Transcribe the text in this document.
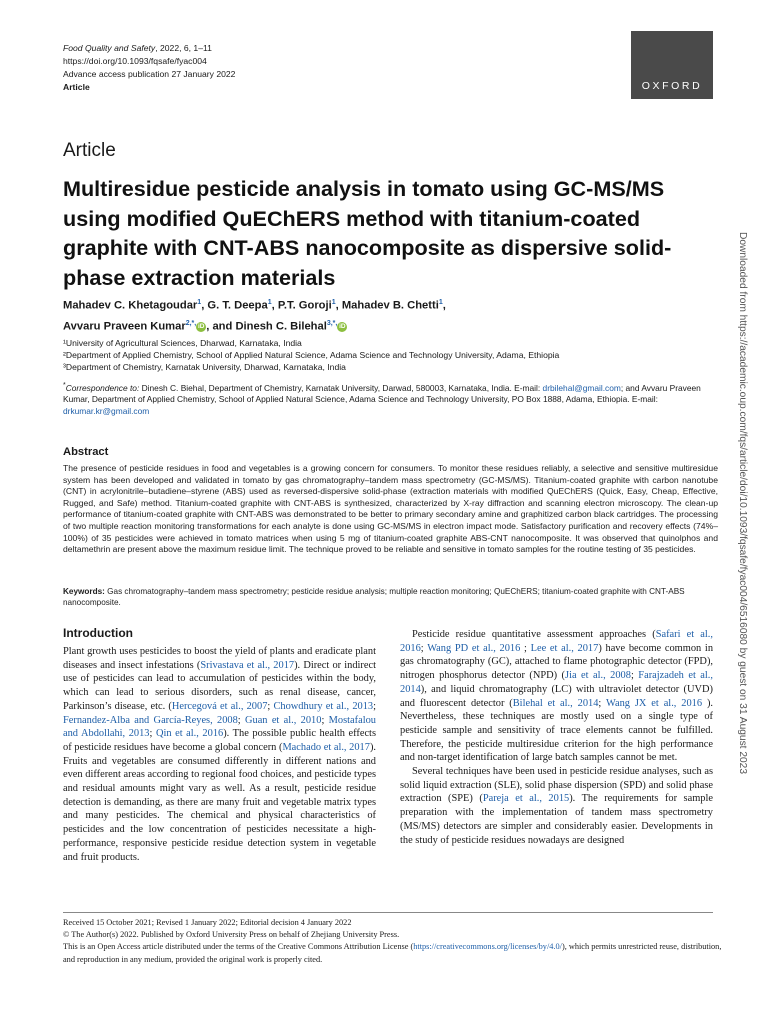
Food Quality and Safety, 2022, 6, 1–11
https://doi.org/10.1093/fqsafe/fyac004
Advance access publication 27 January 2022
Article	OXFORD
Article
Multiresidue pesticide analysis in tomato using GC-MS/MS using modified QuEChERS method with titanium-coated graphite with CNT-ABS nanocomposite as dispersive solid-phase extraction materials
Mahadev C. Khetagoudar$^1$, G. T. Deepa$^1$, P.T. Goroji$^1$, Mahadev B. Chetti$^1$,
Avvaru Praveen Kumar$^{2,*,}$iD , and Dinesh C. Bilehal$^{3,*,}$iD
¹University of Agricultural Sciences, Dharwad, Karnataka, India
²Department of Applied Chemistry, School of Applied Natural Science, Adama Science and Technology University, Adama, Ethiopia
³Department of Chemistry, Karnatak University, Dharwad, Karnataka, India
*Correspondence to: Dinesh C. Biehal, Department of Chemistry, Karnatak University, Darwad, 580003, Karnataka, India. E-mail: drbilehal@gmail.com; and Avvaru Praveen Kumar, Department of Applied Chemistry, School of Applied Natural Science, Adama Science and Technology University, PO Box 1888, Adama, Ethiopia. E-mail: drkumar.kr@gmail.com
Abstract

The presence of pesticide residues in food and vegetables is a growing concern for consumers. To monitor these residues reliably, a selective and sensitive multiresidue system has been developed and validated in tomato by gas chromatography–tandem mass spectrometry (GC-MS/MS). Titanium-coated graphite with carbon nanotube (CNT) in acrylonitrile–butadiene–styrene (ABS) used as reversed-dispersive solid-phase (extraction materials with modified QuEChERS (Quick, Easy, Cheap, Effective, Rugged, and Safe) method. Titanium-coated graphite with CNT-ABS is synthesized, characterized by X-ray diffraction and scanning electron microscopy. The clean-up performance of titanium-coated graphite with CNT-ABS was demonstrated to be better to primary secondary amine and graphitized carbon black cartridges. The processing of two multiple reaction monitoring transformations for each analyte is done using GC-MS/MS in electron impact mode. Satisfactory purification and recovery effects (74%–100%) of 35 pesticides were achieved in tomato matrices when using 5 mg of titanium-coated graphite ABS-CNT nanocomposite. It was observed that quinolphos and deltamethrin are present above the maximum residue limit. The technique proved to be reliable and sensitive in tomato samples for the routine testing of 35 pesticides.

Keywords: Gas chromatography–tandem mass spectrometry; pesticide residue analysis; multiple reaction monitoring; QuEChERS; titanium-coated graphite with CNT-ABS nanocomposite.

Introduction

Plant growth uses pesticides to boost the yield of plants and eradicate plant diseases and insect infestations (Srivastava et al., 2017). Direct or indirect use of pesticides can lead to accumulation of pesticides within the body, which can lead to serious disorders, such as renal disease, cancer, Parkinson’s disease, etc. (Hercegová et al., 2007; Chowdhury et al., 2013; Fernandez-Alba and García-Reyes, 2008; Guan et al., 2010; Mostafalou and Abdollahi, 2013; Qin et al., 2016). The possible public health effects of pesticide residues have become a global concern (Machado et al., 2017). Fruits and vegetables are consumed differently in different nations and even different areas according to regional food choices, and pesticide types and residual amounts might vary as well. As a result, pesticide residue detection is demanding, as there are many fruit and vegetable matrix types and many pesticides. The chemical and physical characteristics of pesticides and the low concentration of pesticides necessitate a high-performance, responsive pesticide residue detection system in vegetable and fruit products.

Pesticide residue quantitative assessment approaches (Safari et al., 2016; Wang PD et al., 2016 ; Lee et al., 2017) have become common in gas chromatography (GC), attached to flame photographic detector (FPD), nitrogen phosphorus detector (NPD) (Jia et al., 2008; Farajzadeh et al., 2014), and liquid chromatography (LC) with ultraviolet detector (UVD) and fluorescent detector (Bilehal et al., 2014; Wang JX et al., 2016 ). Nevertheless, these techniques are mostly used on a single type of pesticide sample and sensitivity of trace elements cannot be fulfilled. Therefore, the pesticide multiresidue criterion for the high performance and non-target identification of large batch samples cannot be met.

Several techniques have been used in pesticide residue analyses, such as solid liquid extraction (SLE), solid phase dispersion (SPD) and solid phase extraction (SPE) (Pareja et al., 2015). The requirements for sample preparation with the implementation of tandem mass spectrometry (MS/MS) detectors are simpler and considerably easier. Developments in the study of pesticide residues nowadays are designed

Received 15 October 2021; Revised 1 January 2022; Editorial decision 4 January 2022
© The Author(s) 2022. Published by Oxford University Press on behalf of Zhejiang University Press.
This is an Open Access article distributed under the terms of the Creative Commons Attribution License (https://creativecommons.org/licenses/by/4.0/), which permits unrestricted reuse, distribution, and reproduction in any medium, provided the original work is properly cited.
Downloaded from https://academic.oup.com/fqs/article/doi/10.1093/fqsafe/fyac004/6516080 by guest on 31 August 2023
